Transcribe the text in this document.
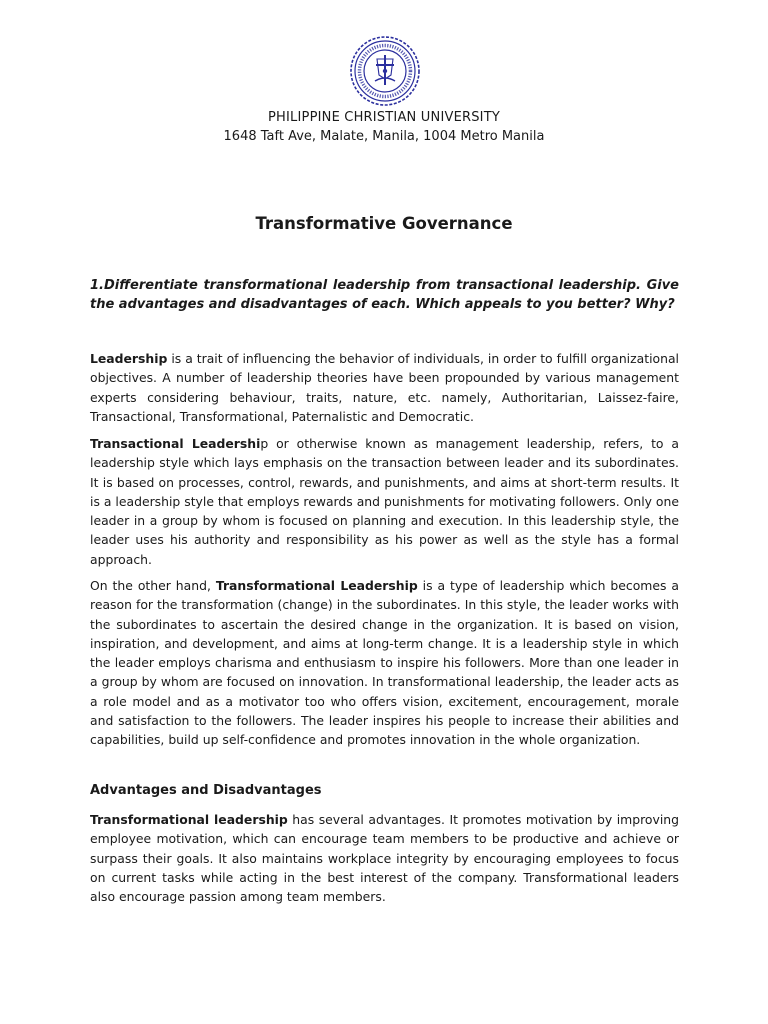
PHILIPPINE CHRISTIAN UNIVERSITY
1648 Taft Ave, Malate, Manila, 1004 Metro Manila
Transformative Governance
1.Differentiate transformational leadership from transactional leadership. Give the advantages and disadvantages of each. Which appeals to you better? Why?

Leadership is a trait of influencing the behavior of individuals, in order to fulfill organizational objectives. A number of leadership theories have been propounded by various management experts considering behaviour, traits, nature, etc. namely, Authoritarian, Laissez-faire, Transactional, Transformational, Paternalistic and Democratic.

Transactional Leadership or otherwise known as management leadership, refers, to a leadership style which lays emphasis on the transaction between leader and its subordinates. It is based on processes, control, rewards, and punishments, and aims at short-term results. It is a leadership style that employs rewards and punishments for motivating followers. Only one leader in a group by whom is focused on planning and execution. In this leadership style, the leader uses his authority and responsibility as his power as well as the style has a formal approach.

On the other hand, Transformational Leadership is a type of leadership which becomes a reason for the transformation (change) in the subordinates. In this style, the leader works with the subordinates to ascertain the desired change in the organization. It is based on vision, inspiration, and development, and aims at long-term change. It is a leadership style in which the leader employs charisma and enthusiasm to inspire his followers. More than one leader in a group by whom are focused on innovation. In transformational leadership, the leader acts as a role model and as a motivator too who offers vision, excitement, encouragement, morale and satisfaction to the followers. The leader inspires his people to increase their abilities and capabilities, build up self-confidence and promotes innovation in the whole organization.

Advantages and Disadvantages

Transformational leadership has several advantages. It promotes motivation by improving employee motivation, which can encourage team members to be productive and achieve or surpass their goals. It also maintains workplace integrity by encouraging employees to focus on current tasks while acting in the best interest of the company. Transformational leaders also encourage passion among team members.
